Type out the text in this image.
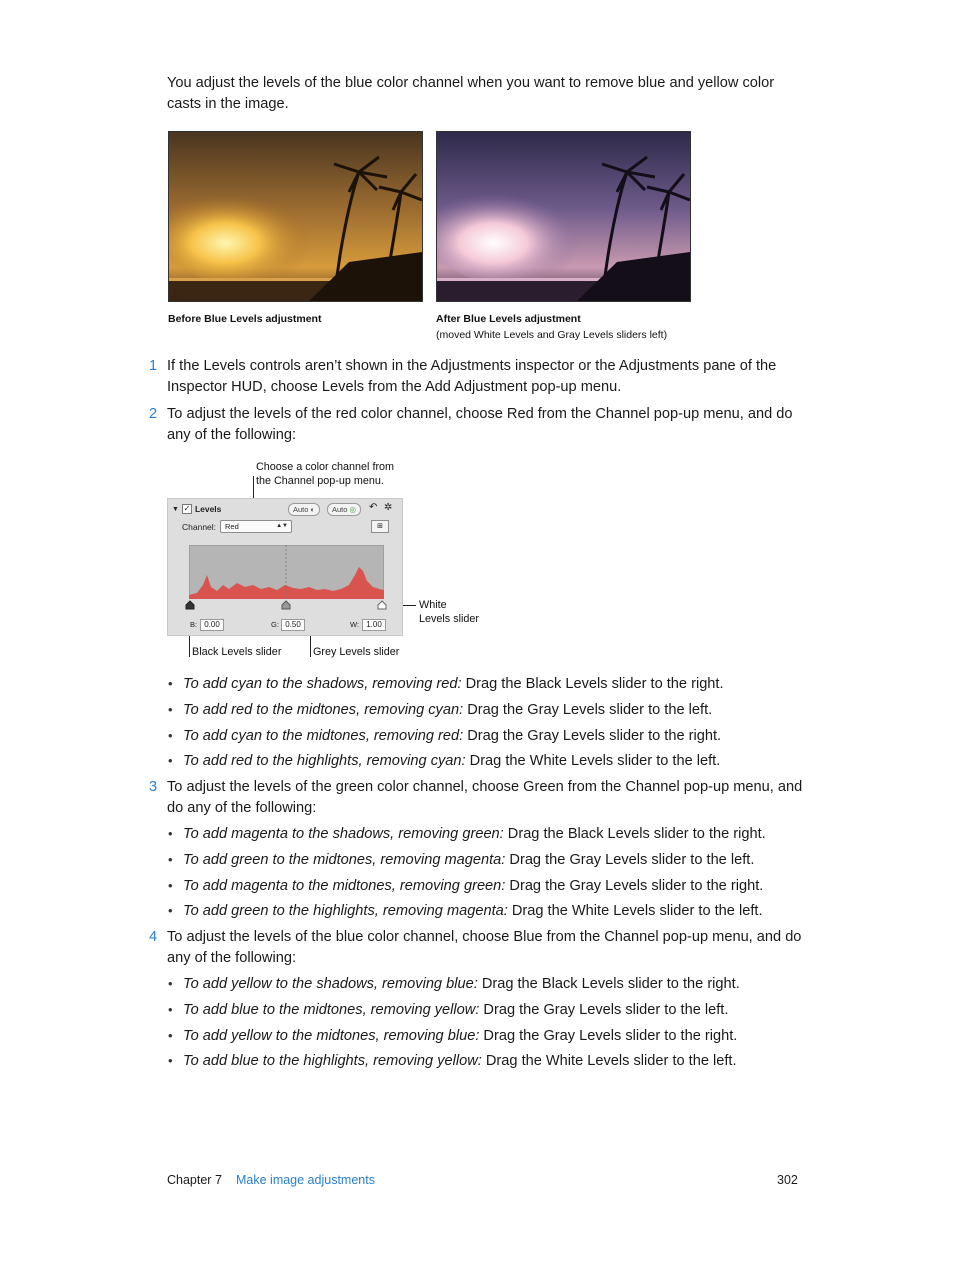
You adjust the levels of the blue color channel when you want to remove blue and yellow color casts in the image.
Before Blue Levels adjustment	After Blue Levels adjustment
(moved White Levels and Gray Levels sliders left)
1 If the Levels controls aren’t shown in the Adjustments inspector or the Adjustments pane of the Inspector HUD, choose Levels from the Add Adjustment pop-up menu.
2 To adjust the levels of the red color channel, choose Red from the Channel pop-up menu, and do any of the following:
Choose a color channel from
the Channel pop-up menu.
White
Levels slider
Black Levels slider	Grey Levels slider
▼ ✓ Levels	Auto ◐	Auto ◎	↶ ✲
Channel:	Red	▲▼	⊞
B: 0.00	G: 0.50	W: 1.00
• To add cyan to the shadows, removing red: Drag the Black Levels slider to the right.
• To add red to the midtones, removing cyan: Drag the Gray Levels slider to the left.
• To add cyan to the midtones, removing red: Drag the Gray Levels slider to the right.
• To add red to the highlights, removing cyan: Drag the White Levels slider to the left.
3 To adjust the levels of the green color channel, choose Green from the Channel pop-up menu, and do any of the following:
• To add magenta to the shadows, removing green: Drag the Black Levels slider to the right.
• To add green to the midtones, removing magenta: Drag the Gray Levels slider to the left.
• To add magenta to the midtones, removing green: Drag the Gray Levels slider to the right.
• To add green to the highlights, removing magenta: Drag the White Levels slider to the left.
4 To adjust the levels of the blue color channel, choose Blue from the Channel pop-up menu, and do any of the following:
• To add yellow to the shadows, removing blue: Drag the Black Levels slider to the right.
• To add blue to the midtones, removing yellow: Drag the Gray Levels slider to the left.
• To add yellow to the midtones, removing blue: Drag the Gray Levels slider to the right.
• To add blue to the highlights, removing yellow: Drag the White Levels slider to the left.
Chapter 7 Make image adjustments	302
